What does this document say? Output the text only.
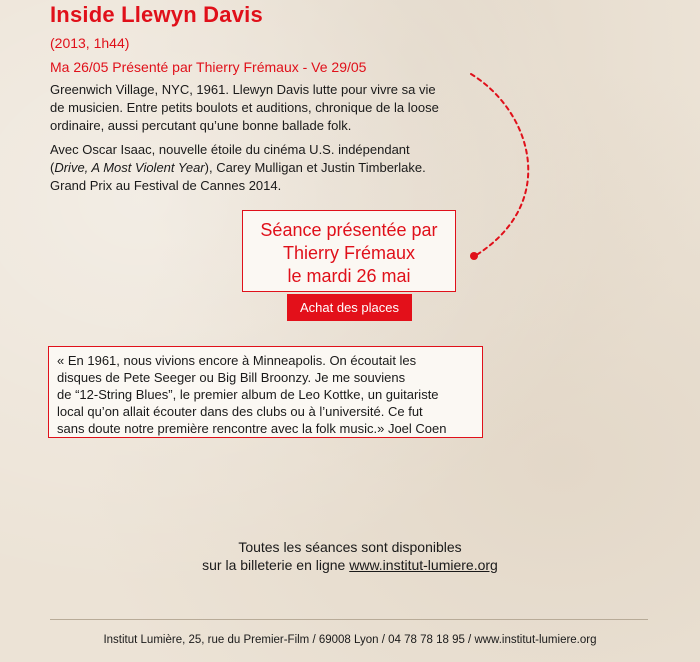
Inside Llewyn Davis
(2013, 1h44)
Ma 26/05 Présenté par Thierry Frémaux - Ve 29/05
Greenwich Village, NYC, 1961. Llewyn Davis lutte pour vivre sa vie
de musicien. Entre petits boulots et auditions, chronique de la loose
ordinaire, aussi percutant qu’une bonne ballade folk.
Avec Oscar Isaac, nouvelle étoile du cinéma U.S. indépendant
(Drive, A Most Violent Year), Carey Mulligan et Justin Timberlake.
Grand Prix au Festival de Cannes 2014.
Séance présentée par
Thierry Frémaux
le mardi 26 mai
Achat des places
« En 1961, nous vivions encore à Minneapolis. On écoutait les
disques de Pete Seeger ou Big Bill Broonzy. Je me souviens
de “12-String Blues”, le premier album de Leo Kottke, un guitariste
local qu’on allait écouter dans des clubs ou à l’université. Ce fut
sans doute notre première rencontre avec la folk music.» Joel Coen
Toutes les séances sont disponibles
sur la billeterie en ligne www.institut-lumiere.org
Institut Lumière, 25, rue du Premier-Film / 69008 Lyon / 04 78 78 18 95 / www.institut-lumiere.org
